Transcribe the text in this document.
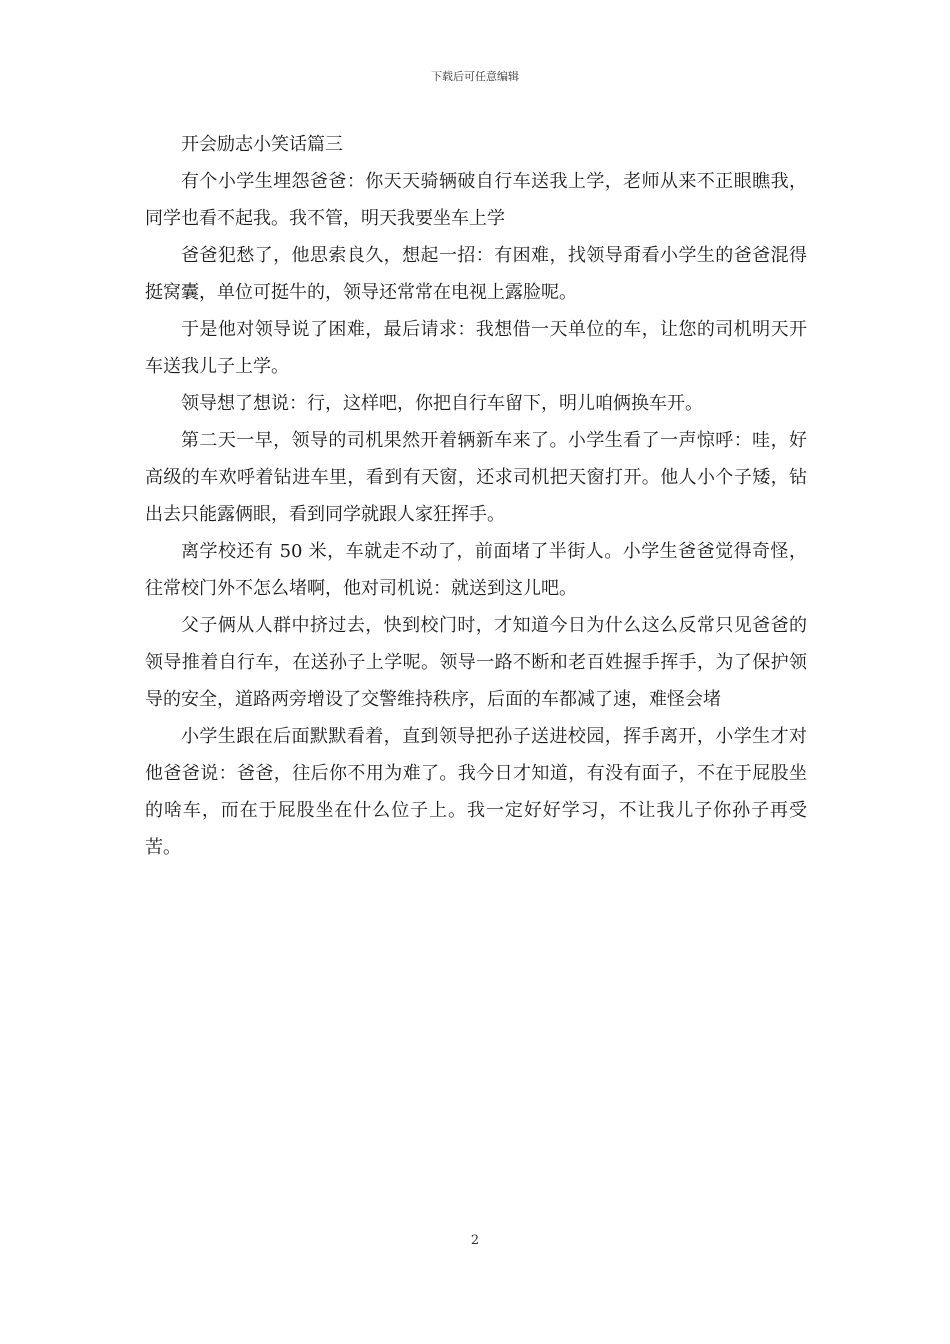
下载后可任意编辑

开会励志小笑话篇三

有个小学生埋怨爸爸：你天天骑辆破自行车送我上学，老师从来不正眼瞧我，同学也看不起我。我不管，明天我要坐车上学

爸爸犯愁了，他思索良久，想起一招：有困难，找领导甭看小学生的爸爸混得挺窝囊，单位可挺牛的，领导还常常在电视上露脸呢。

于是他对领导说了困难，最后请求：我想借一天单位的车，让您的司机明天开车送我儿子上学。

领导想了想说：行，这样吧，你把自行车留下，明儿咱俩换车开。

第二天一早，领导的司机果然开着辆新车来了。小学生看了一声惊呼：哇，好高级的车欢呼着钻进车里，看到有天窗，还求司机把天窗打开。他人小个子矮，钻出去只能露俩眼，看到同学就跟人家狂挥手。

离学校还有 50 米，车就走不动了，前面堵了半街人。小学生爸爸觉得奇怪，往常校门外不怎么堵啊，他对司机说：就送到这儿吧。

父子俩从人群中挤过去，快到校门时，才知道今日为什么这么反常只见爸爸的领导推着自行车，在送孙子上学呢。领导一路不断和老百姓握手挥手，为了保护领导的安全，道路两旁增设了交警维持秩序，后面的车都减了速，难怪会堵

小学生跟在后面默默看着，直到领导把孙子送进校园，挥手离开，小学生才对他爸爸说：爸爸，往后你不用为难了。我今日才知道，有没有面子，不在于屁股坐的啥车，而在于屁股坐在什么位子上。我一定好好学习，不让我儿子你孙子再受苦。

2
